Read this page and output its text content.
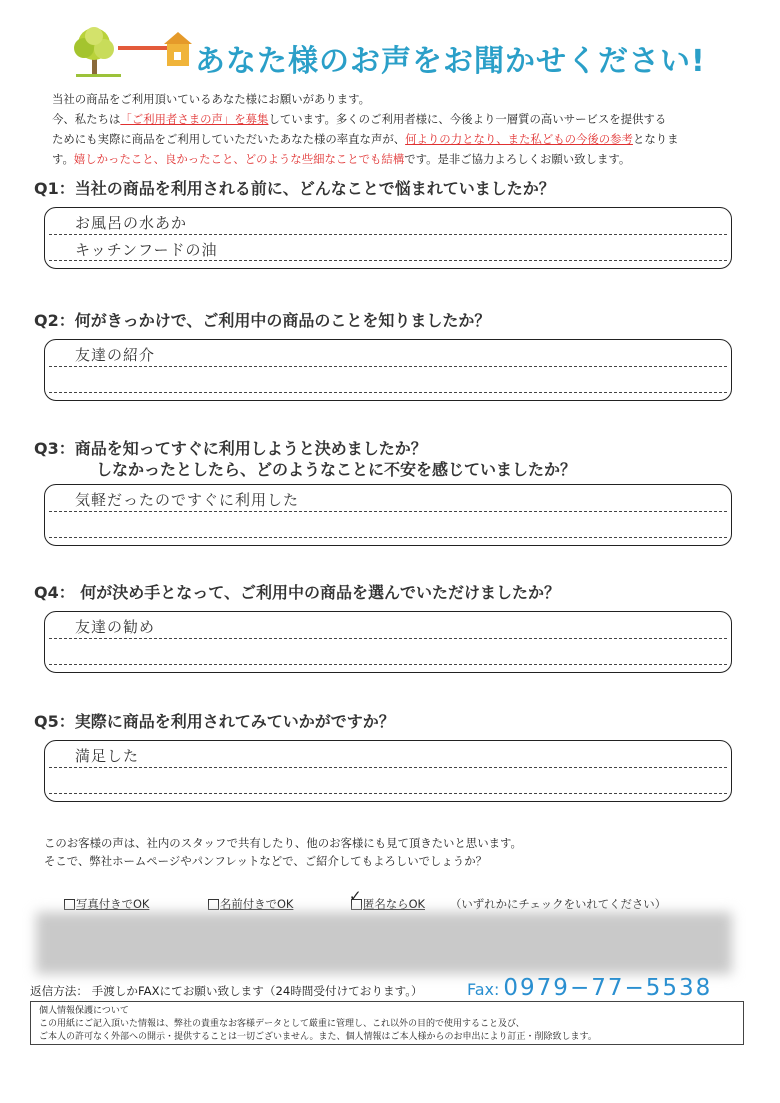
あなた様のお声をお聞かせください!
当社の商品をご利用頂いているあなた様にお願いがあります。
今、私たちは「ご利用者さまの声」を募集しています。多くのご利用者様に、今後より一層質の高いサービスを提供する
ためにも実際に商品をご利用していただいたあなた様の率直な声が、何よりの力となり、また私どもの今後の参考となりま
す。嬉しかったこと、良かったこと、どのような些細なことでも結構です。是非ご協力よろしくお願い致します。
Q1：当社の商品を利用される前に、どんなことで悩まれていましたか？
お風呂の水あか
キッチンフードの油
Q2：何がきっかけで、ご利用中の商品のことを知りましたか？
友達の紹介
Q3：商品を知ってすぐに利用しようと決めましたか？
しなかったとしたら、どのようなことに不安を感じていましたか？
気軽だったのですぐに利用した
Q4： 何が決め手となって、ご利用中の商品を選んでいただけましたか？
友達の勧め
Q5：実際に商品を利用されてみていかがですか？
満足した
このお客様の声は、社内のスタッフで共有したり、他のお客様にも見て頂きたいと思います。
そこで、弊社ホームページやパンフレットなどで、ご紹介してもよろしいでしょうか？
写真付きでOK	名前付きでOK	✓ 匿名ならOK （いずれかにチェックをいれてください）
返信方法： 手渡しかFAXにてお願い致します（24時間受付けております。）	Fax: 0979−77−5538
個人情報保護について
この用紙にご記入頂いた情報は、弊社の貴重なお客様データとして厳重に管理し、これ以外の目的で使用すること及び、
ご本人の許可なく外部への開示・提供することは一切ございません。また、個人情報はご本人様からのお申出により訂正・削除致します。
